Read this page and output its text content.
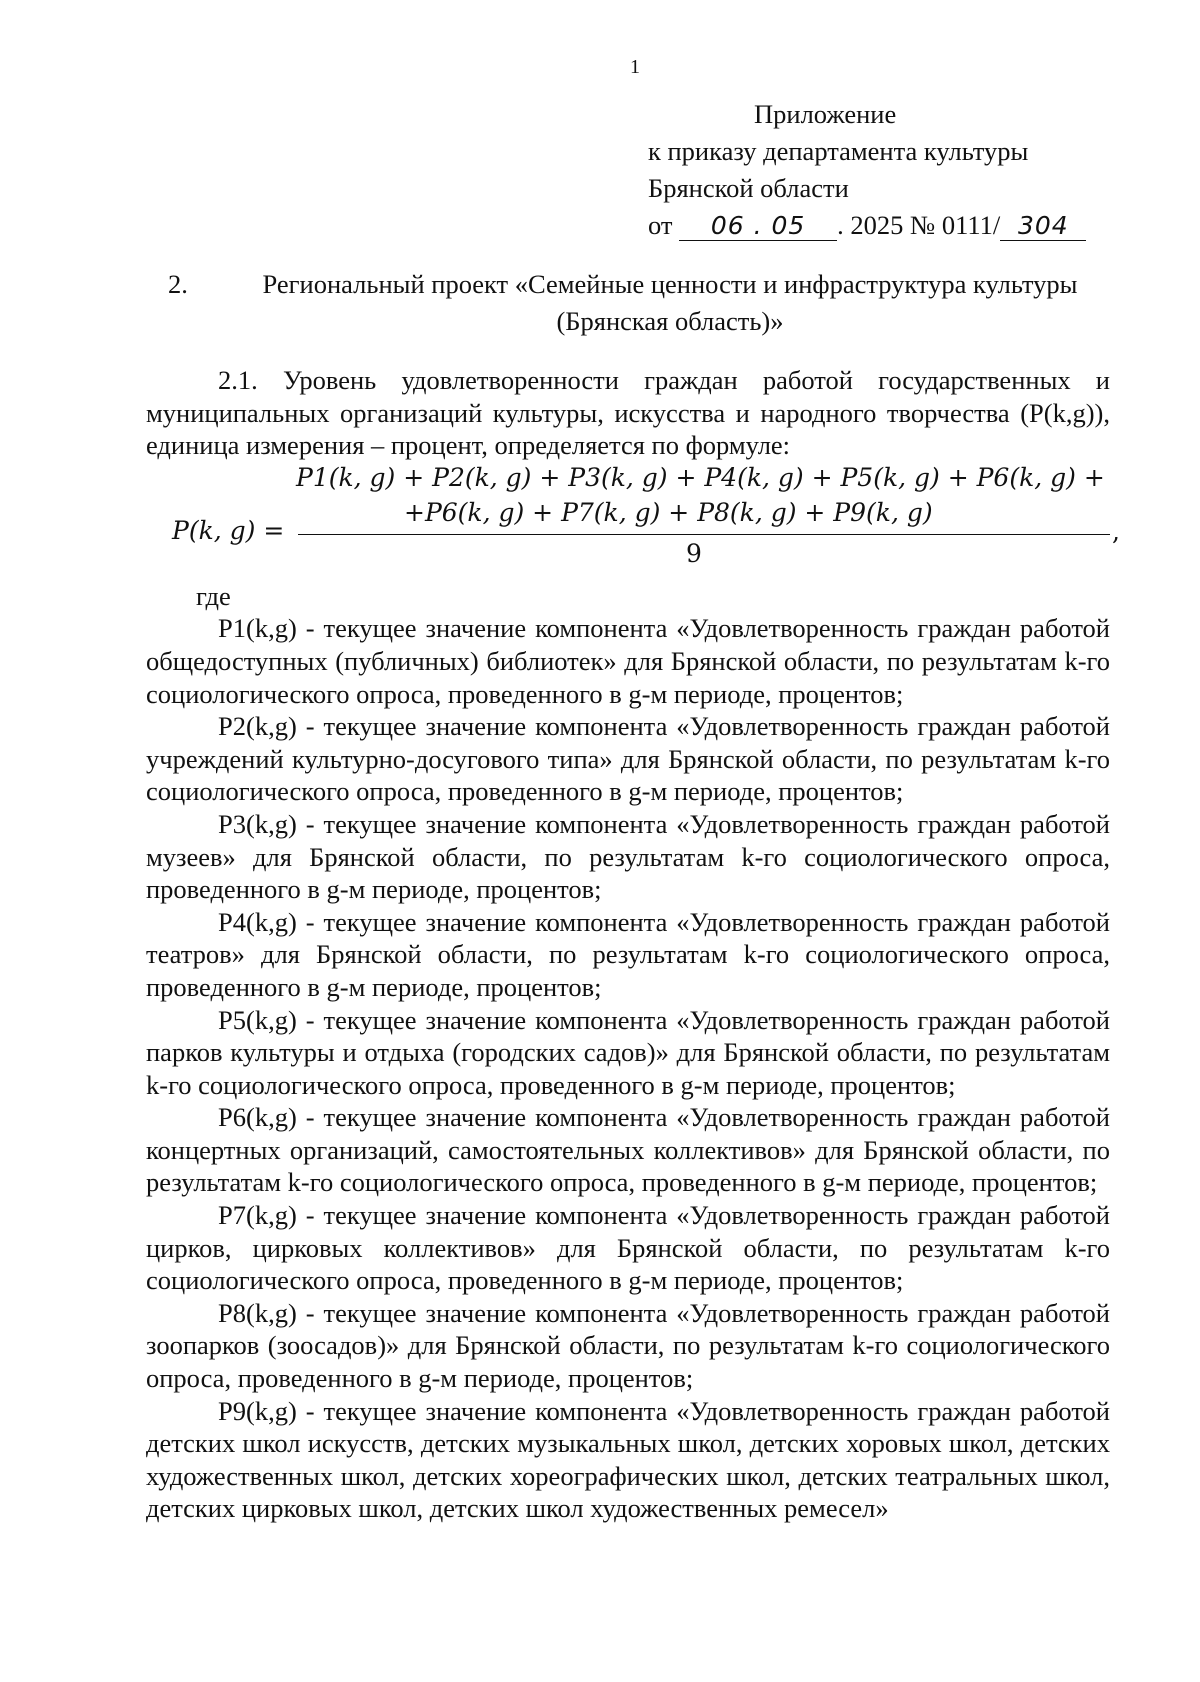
1
Приложение
к приказу департамента культуры
Брянской области
от 06 . 05 . 2025 № 0111/ 304
2.	Региональный проект «Семейные ценности и инфраструктура культуры (Брянская область)»

2.1. Уровень удовлетворенности граждан работой государственных и муниципальных организаций культуры, искусства и народного творчества (P(k,g)), единица измерения – процент, определяется по формуле:

P(k, g) =
P1(k, g) + P2(k, g) + P3(k, g) + P4(k, g) + P5(k, g) + P6(k, g) +
+P6(k, g) + P7(k, g) + P8(k, g) + P9(k, g)
,
9

где

P1(k,g) - текущее значение компонента «Удовлетворенность граждан работой общедоступных (публичных) библиотек» для Брянской области, по результатам k-го социологического опроса, проведенного в g-м периоде, процентов;

P2(k,g) - текущее значение компонента «Удовлетворенность граждан работой учреждений культурно-досугового типа» для Брянской области, по результатам k-го социологического опроса, проведенного в g-м периоде, процентов;

P3(k,g) - текущее значение компонента «Удовлетворенность граждан работой музеев» для Брянской области, по результатам k-го социологического опроса, проведенного в g-м периоде, процентов;

P4(k,g) - текущее значение компонента «Удовлетворенность граждан работой театров» для Брянской области, по результатам k-го социологического опроса, проведенного в g-м периоде, процентов;

P5(k,g) - текущее значение компонента «Удовлетворенность граждан работой парков культуры и отдыха (городских садов)» для Брянской области, по результатам k-го социологического опроса, проведенного в g-м периоде, процентов;

P6(k,g) - текущее значение компонента «Удовлетворенность граждан работой концертных организаций, самостоятельных коллективов» для Брянской области, по результатам k-го социологического опроса, проведенного в g-м периоде, процентов;

P7(k,g) - текущее значение компонента «Удовлетворенность граждан работой цирков, цирковых коллективов» для Брянской области, по результатам k-го социологического опроса, проведенного в g-м периоде, процентов;

P8(k,g) - текущее значение компонента «Удовлетворенность граждан работой зоопарков (зоосадов)» для Брянской области, по результатам k-го социологического опроса, проведенного в g-м периоде, процентов;

P9(k,g) - текущее значение компонента «Удовлетворенность граждан работой детских школ искусств, детских музыкальных школ, детских хоровых школ, детских художественных школ, детских хореографических школ, детских театральных школ, детских цирковых школ, детских школ художественных ремесел»
